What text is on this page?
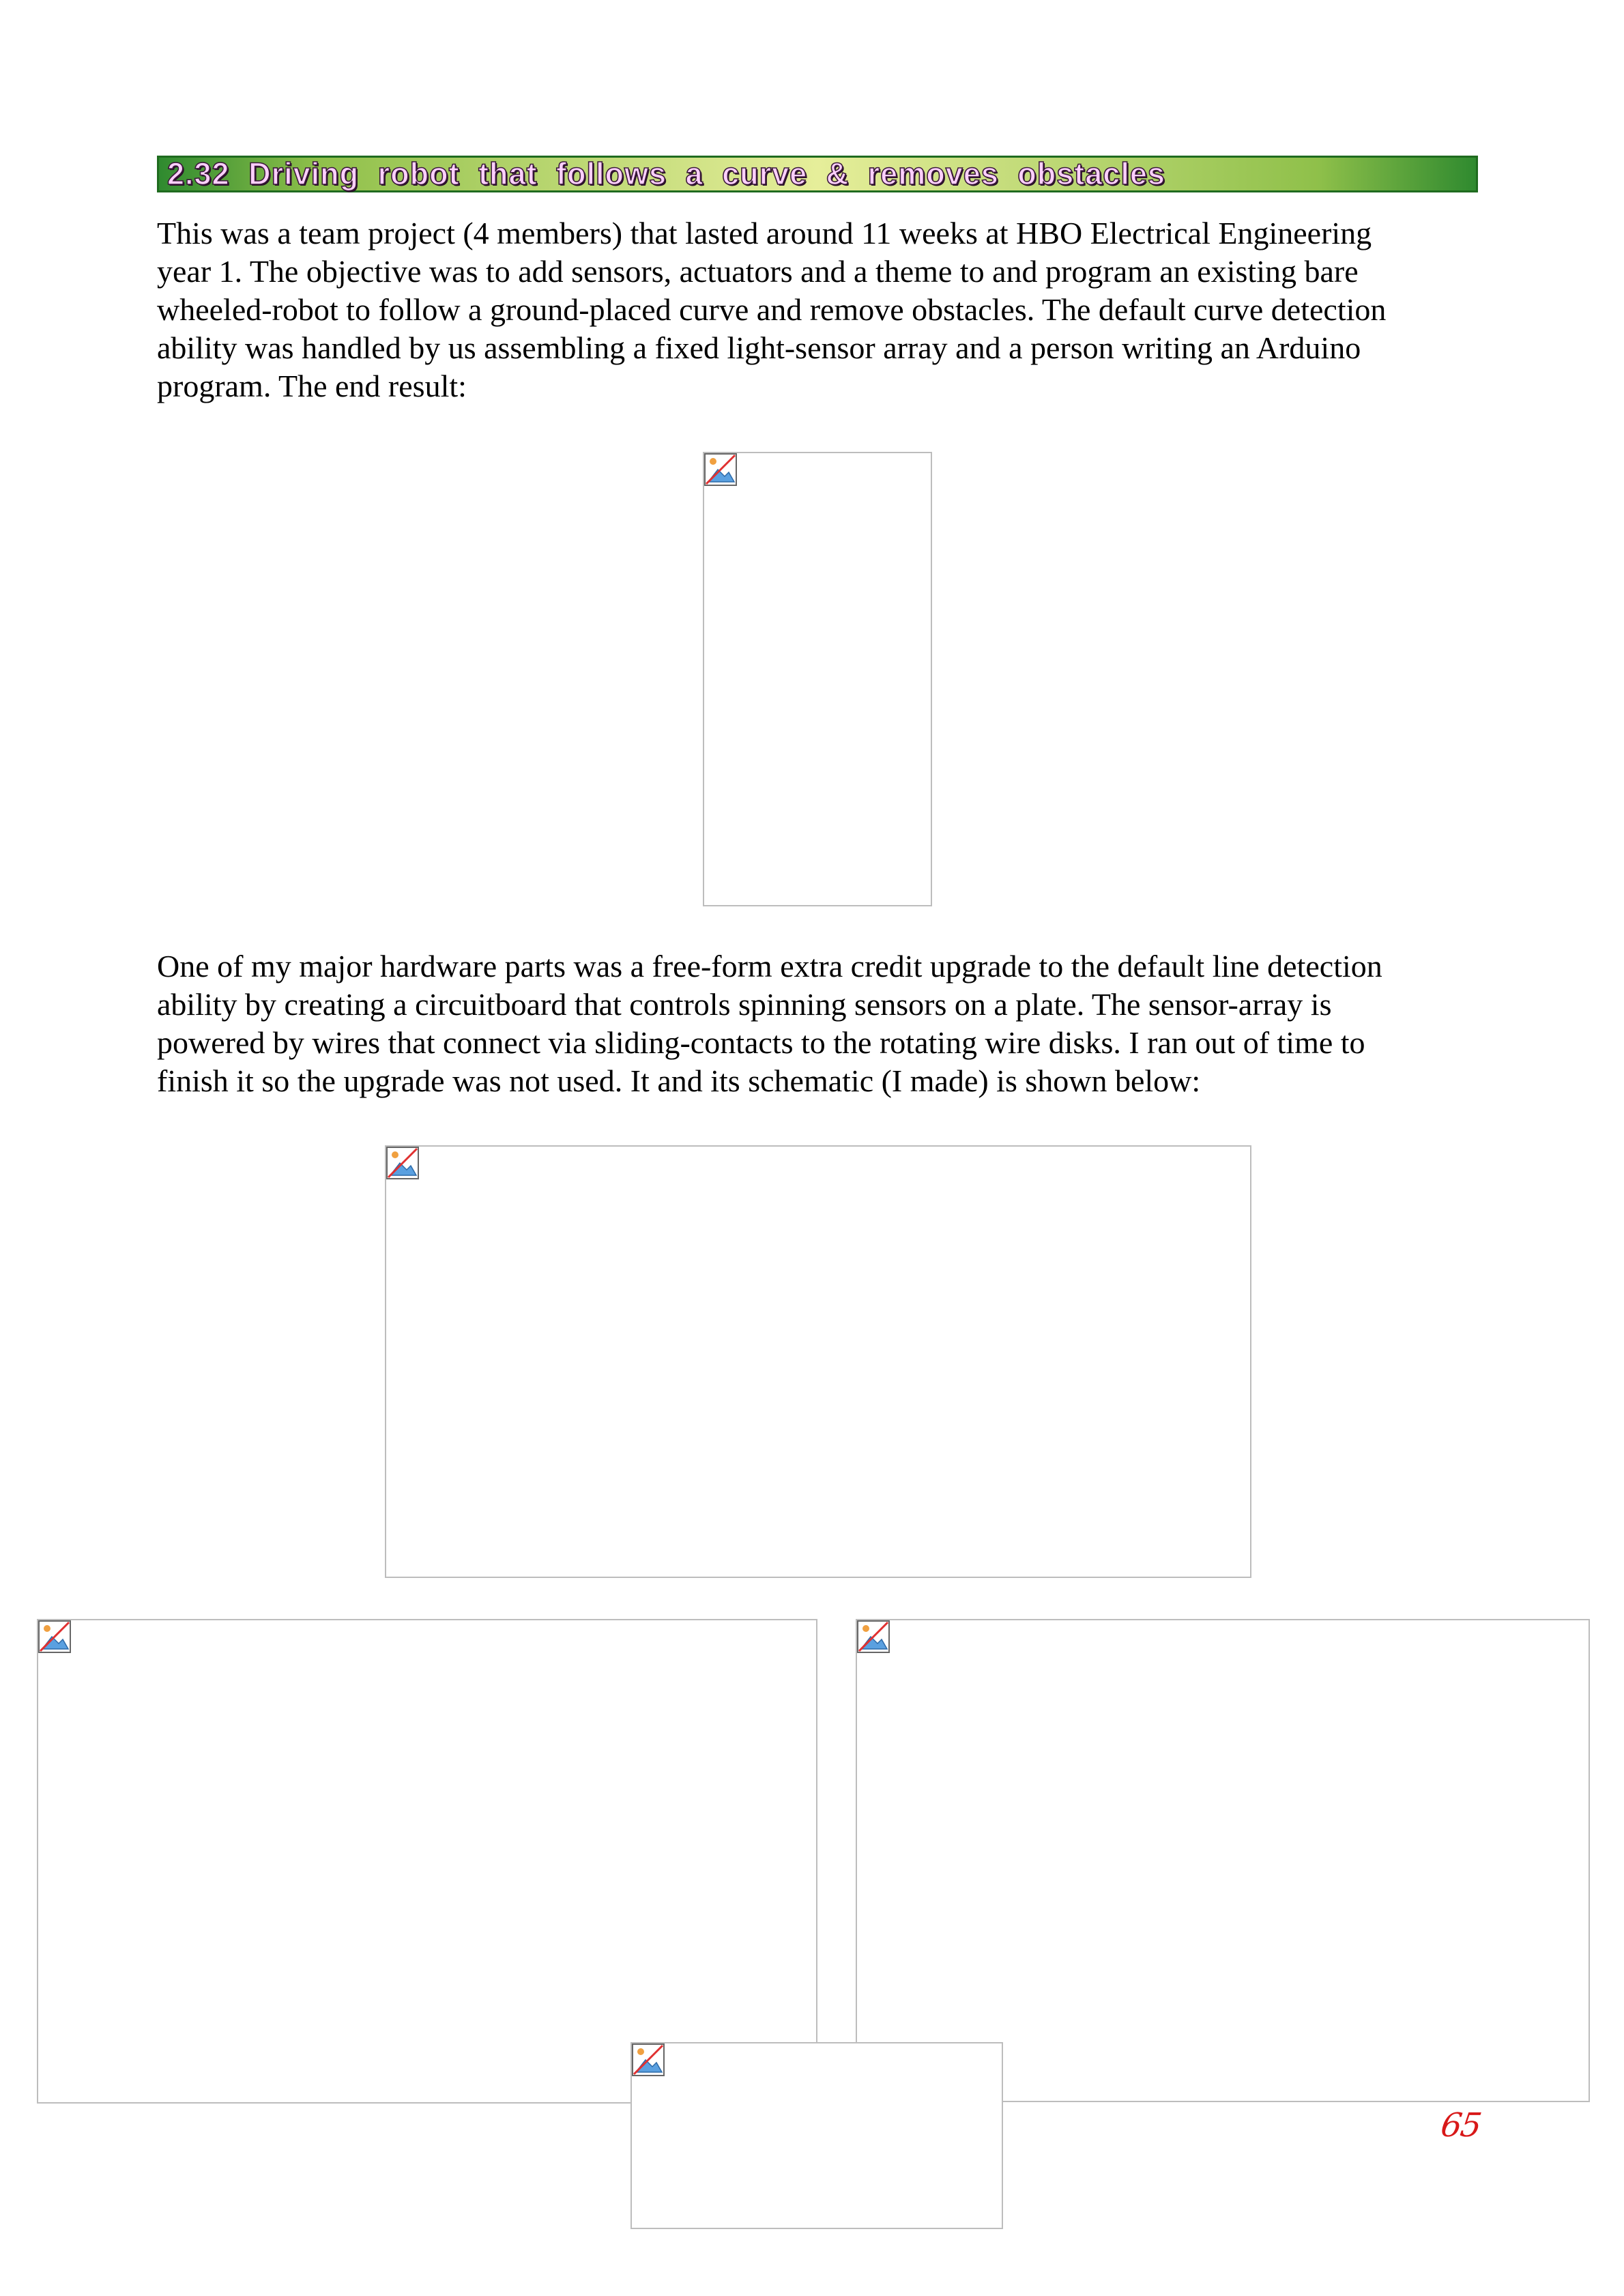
2.32 Driving robot that follows a curve & removes obstacles

This was a team project (4 members) that lasted around 11 weeks at HBO Electrical Engineering
year 1. The objective was to add sensors, actuators and a theme to and program an existing bare
wheeled-robot to follow a ground-placed curve and remove obstacles. The default curve detection
ability was handled by us assembling a fixed light-sensor array and a person writing an Arduino
program. The end result:

One of my major hardware parts was a free-form extra credit upgrade to the default line detection
ability by creating a circuitboard that controls spinning sensors on a plate. The sensor-array is
powered by wires that connect via sliding-contacts to the rotating wire disks. I ran out of time to
finish it so the upgrade was not used. It and its schematic (I made) is shown below:

65
